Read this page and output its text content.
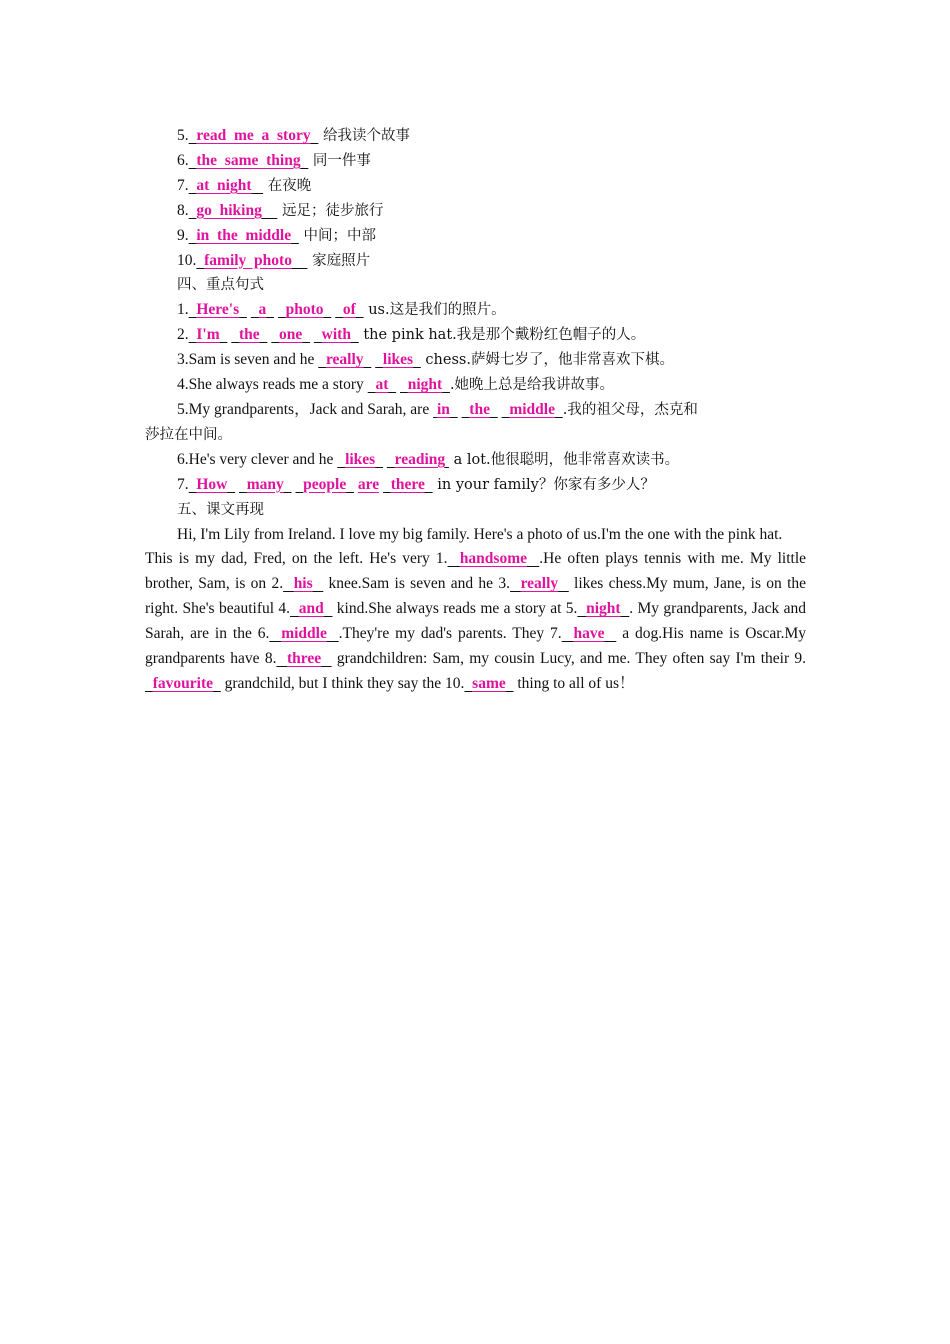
5. read  me  a  story   给我读个故事
6. the  same  thing   同一件事
7. at  night    在夜晚
8. go  hiking     远足；徒步旅行
9. in  the  middle   中间；中部
10. family  photo     家庭照片
四、重点句式
1. Here's a photo of   us.这是我们的照片。
2. I'm the one with   the pink hat.我是那个戴粉红色帽子的人。
3.Sam is seven and he   really likes   chess.萨姆七岁了，他非常喜欢下棋。
4.She always reads me a story   at night .她晚上总是给我讲故事。
5.My grandparents，Jack and Sarah, are  in the middle .我的祖父母，杰克和
莎拉在中间。
6.He's very clever and he   likes reading  a lot.他很聪明，他非常喜欢读书。
7. How many people are there   in your family？你家有多少人？
五、课文再现
Hi, I'm Lily from Ireland. I love my big family. Here's a photo of us.I'm the one with the pink hat.
This is my dad, Fred, on the left. He's very 1. handsome .He often plays tennis with me. My little brother, Sam, is on 2. his   knee.Sam is seven and he 3. really   likes chess.My mum, Jane, is on the right. She's beautiful 4. and   kind.She always reads me a story at 5. night . My grandparents, Jack and Sarah, are in the 6. middle .They're my dad's parents. They 7. have   a dog.His name is Oscar.My grandparents have 8. three   grandchildren: Sam, my cousin Lucy, and me. They often say I'm their 9.  favourite   grandchild, but I think they say the 10. same   thing to all of us！
